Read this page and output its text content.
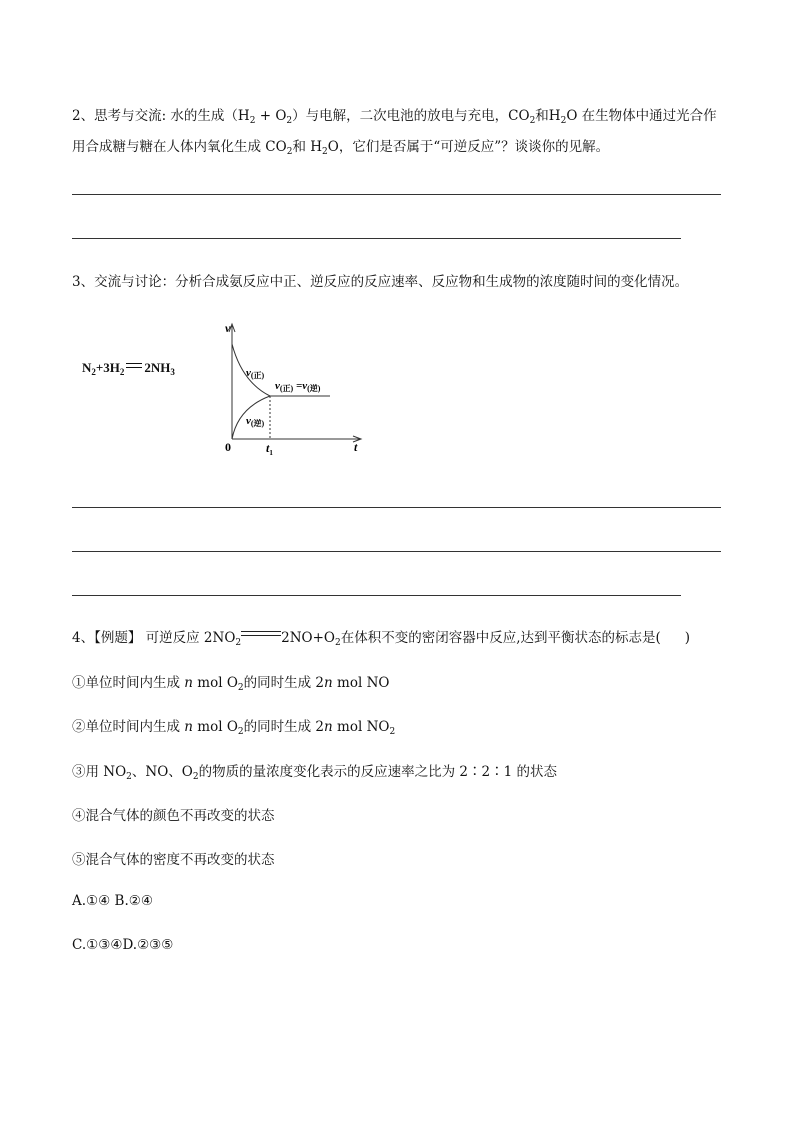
2、思考与交流: 水的生成$(H_2 + O_2)$与电解，二次电池的放电与充电，$CO_2$和$H_2O$ 在生物体中通过光合作
用合成糖与糖在人体内氧化生成 $CO_2$和 $H_2O$，它们是否属于“可逆反应”？谈谈你的见解。
3、交流与讨论：分析合成氨反应中正、逆反应的反应速率、反应物和生成物的浓度随时间的变化情况。
$N_2+3H_2$ $2NH_3$
v
t
0	$t_1$
v(正)
v(逆)
v(正) =v(逆)
4、【例题】 可逆反应 $2NO_2$	$2NO+O_2$在体积不变的密闭容器中反应,达到平衡状态的标志是( )
①单位时间内生成 n mol $O_2$的同时生成 2n mol NO
②单位时间内生成 n mol $O_2$的同时生成 2n mol $NO_2$
③用 $NO_2$、NO、$O_2$的物质的量浓度变化表示的反应速率之比为 2∶2∶1 的状态
④混合气体的颜色不再改变的状态
⑤混合气体的密度不再改变的状态
A.①④ B.②④
C.①③④D.②③⑤
